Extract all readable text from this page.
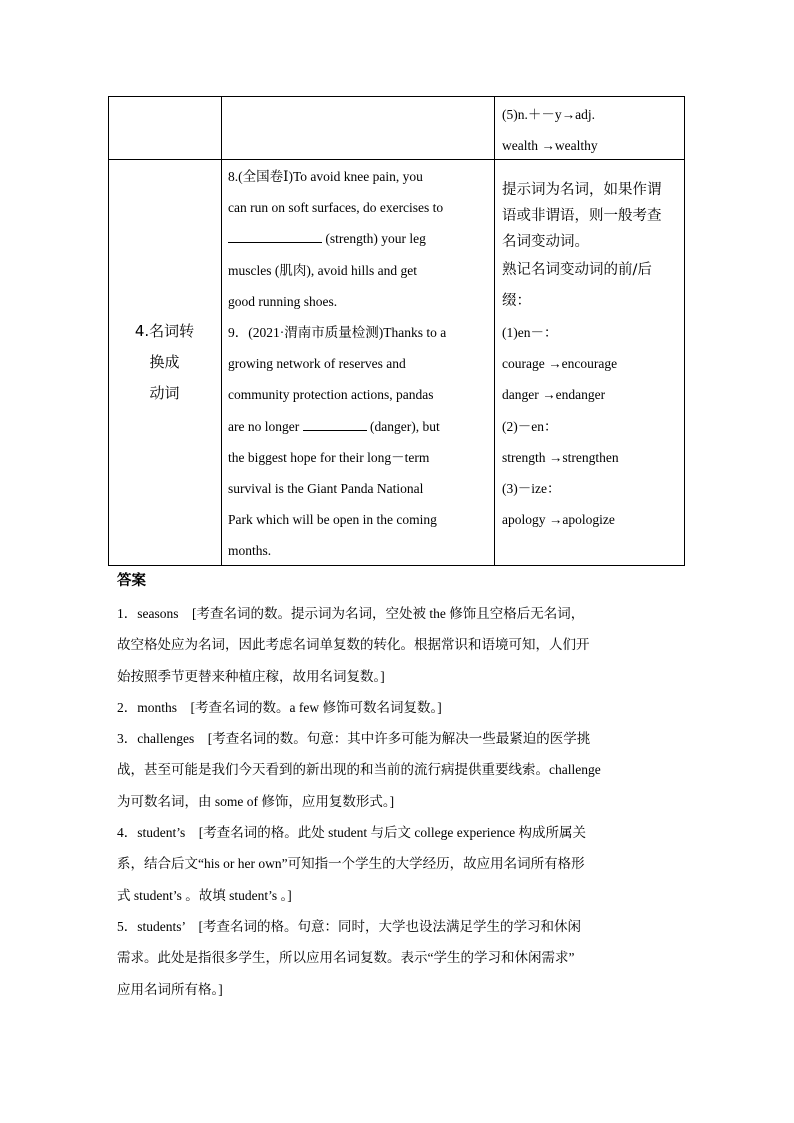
(5)n.＋－y→adj.
wealth →wealthy
4.名词转
换成
动词
8.(全国卷Ⅰ)To avoid knee pain, you
can run on soft surfaces, do exercises to
(strength) your leg
muscles (肌肉), avoid hills and get
good running shoes.
9．(2021·渭南市质量检测)Thanks to a
growing network of reserves and
community protection actions, pandas
are no longer	(danger), but
the biggest hope for their long－term
survival is the Giant Panda National
Park which will be open in the coming
months.
提示词为名词，如果作谓
语或非谓语，则一般考查
名词变动词。
熟记名词变动词的前/后
缀：
(1)en－：
courage →encourage
danger →endanger
(2)－en：
strength →strengthen
(3)－ize：
apology →apologize
答案
1．seasons　[考查名词的数。提示词为名词，空处被 the 修饰且空格后无名词，
故空格处应为名词，因此考虑名词单复数的转化。根据常识和语境可知，人们开
始按照季节更替来种植庄稼，故用名词复数。]
2．months　[考查名词的数。a few 修饰可数名词复数。]
3．challenges　[考查名词的数。句意：其中许多可能为解决一些最紧迫的医学挑
战，甚至可能是我们今天看到的新出现的和当前的流行病提供重要线索。challenge
为可数名词，由 some of 修饰，应用复数形式。]
4．student’s　[考查名词的格。此处 student 与后文 college experience 构成所属关
系，结合后文“his or her own”可知指一个学生的大学经历，故应用名词所有格形
式 student’s 。故填 student’s 。]
5．students’　[考查名词的格。句意：同时，大学也设法满足学生的学习和休闲
需求。此处是指很多学生，所以应用名词复数。表示“学生的学习和休闲需求”
应用名词所有格。]
